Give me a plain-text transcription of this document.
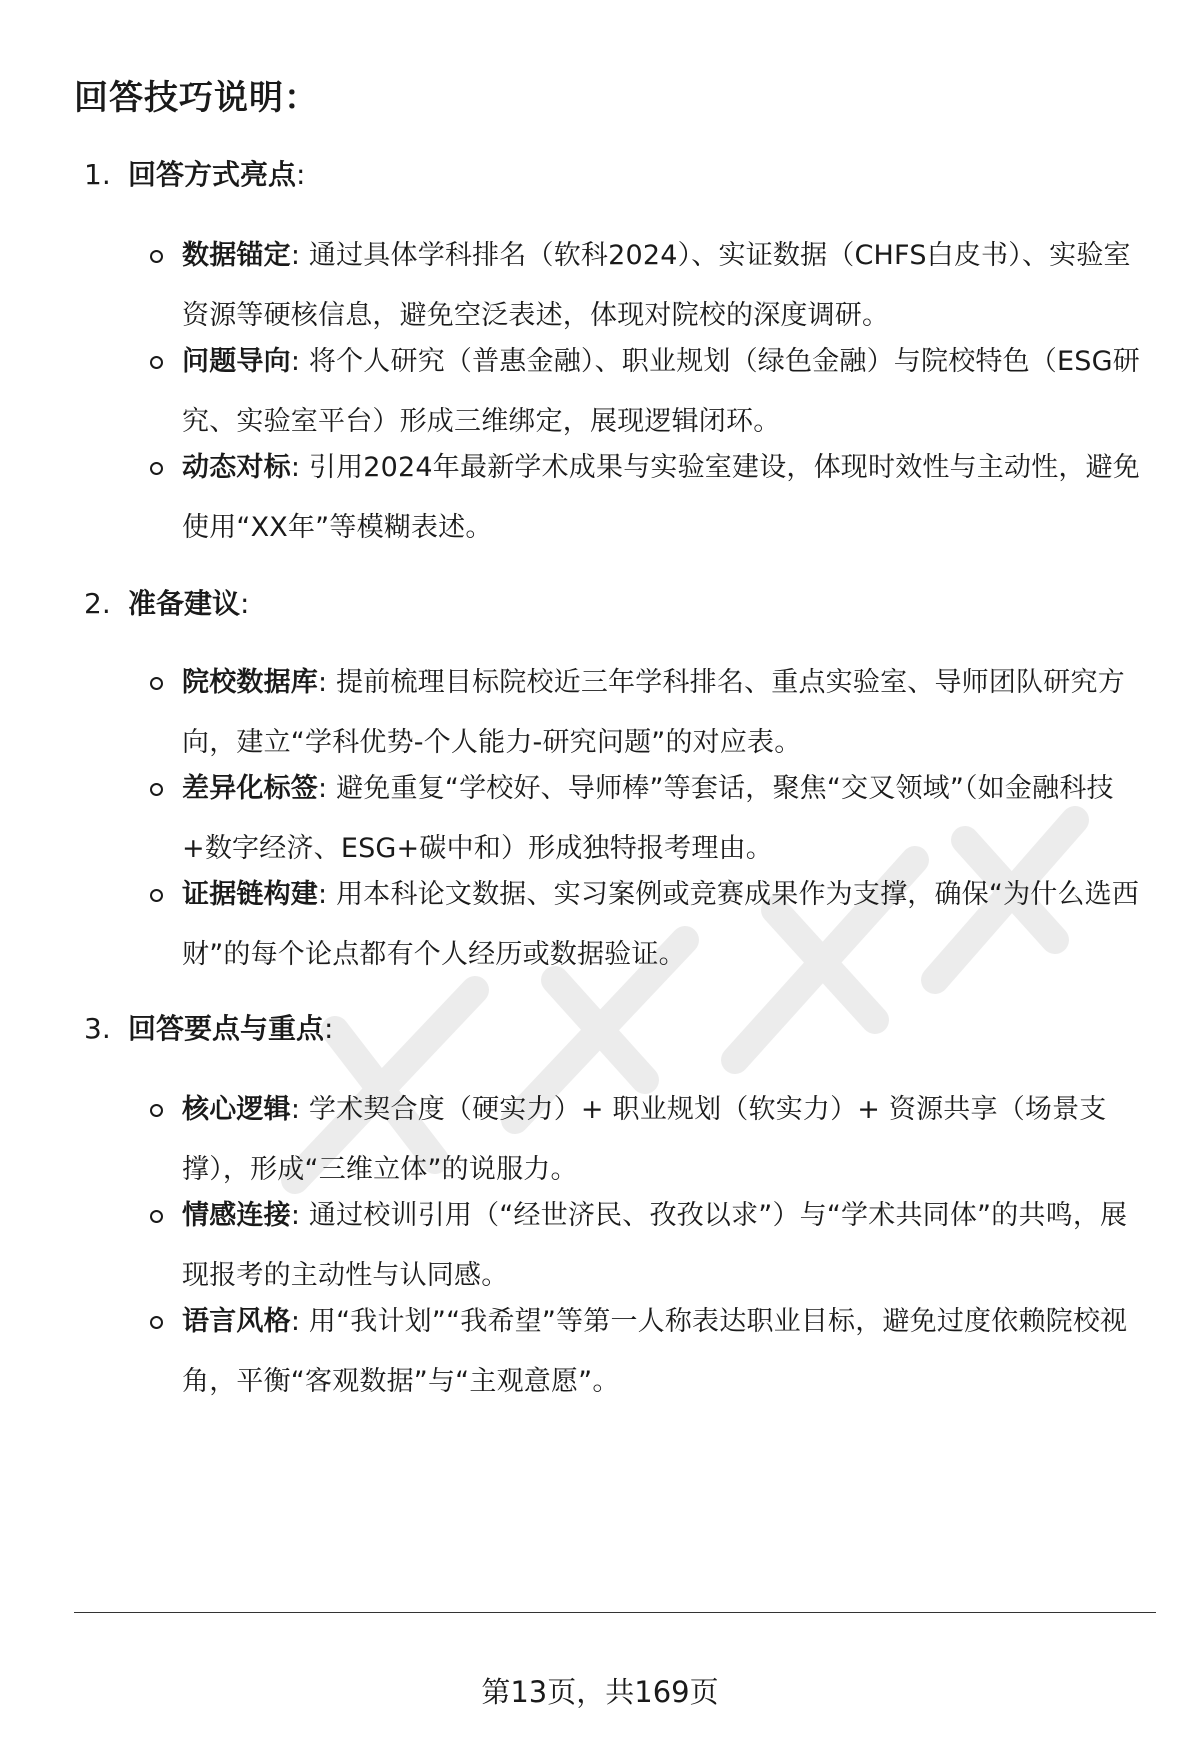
回答技巧说明：
1. 回答方式亮点:
数据锚定: 通过具体学科排名（软科2024）、实证数据（CHFS白皮书）、实验室资源等硬核信息，避免空泛表述，体现对院校的深度调研。
问题导向: 将个人研究（普惠金融）、职业规划（绿色金融）与院校特色（ESG研究、实验室平台）形成三维绑定，展现逻辑闭环。
动态对标: 引用2024年最新学术成果与实验室建设，体现时效性与主动性，避免使用“XX年”等模糊表述。
2. 准备建议:
院校数据库: 提前梳理目标院校近三年学科排名、重点实验室、导师团队研究方向，建立“学科优势-个人能力-研究问题”的对应表。
差异化标签: 避免重复“学校好、导师棒”等套话，聚焦“交叉领域”（如金融科技+数字经济、ESG+碳中和）形成独特报考理由。
证据链构建: 用本科论文数据、实习案例或竞赛成果作为支撑，确保“为什么选西财”的每个论点都有个人经历或数据验证。
3. 回答要点与重点:
核心逻辑: 学术契合度（硬实力）+ 职业规划（软实力）+ 资源共享（场景支撑），形成“三维立体”的说服力。
情感连接: 通过校训引用（“经世济民、孜孜以求”）与“学术共同体”的共鸣，展现报考的主动性与认同感。
语言风格: 用“我计划”“我希望”等第一人称表达职业目标，避免过度依赖院校视角，平衡“客观数据”与“主观意愿”。
第13页，共169页
